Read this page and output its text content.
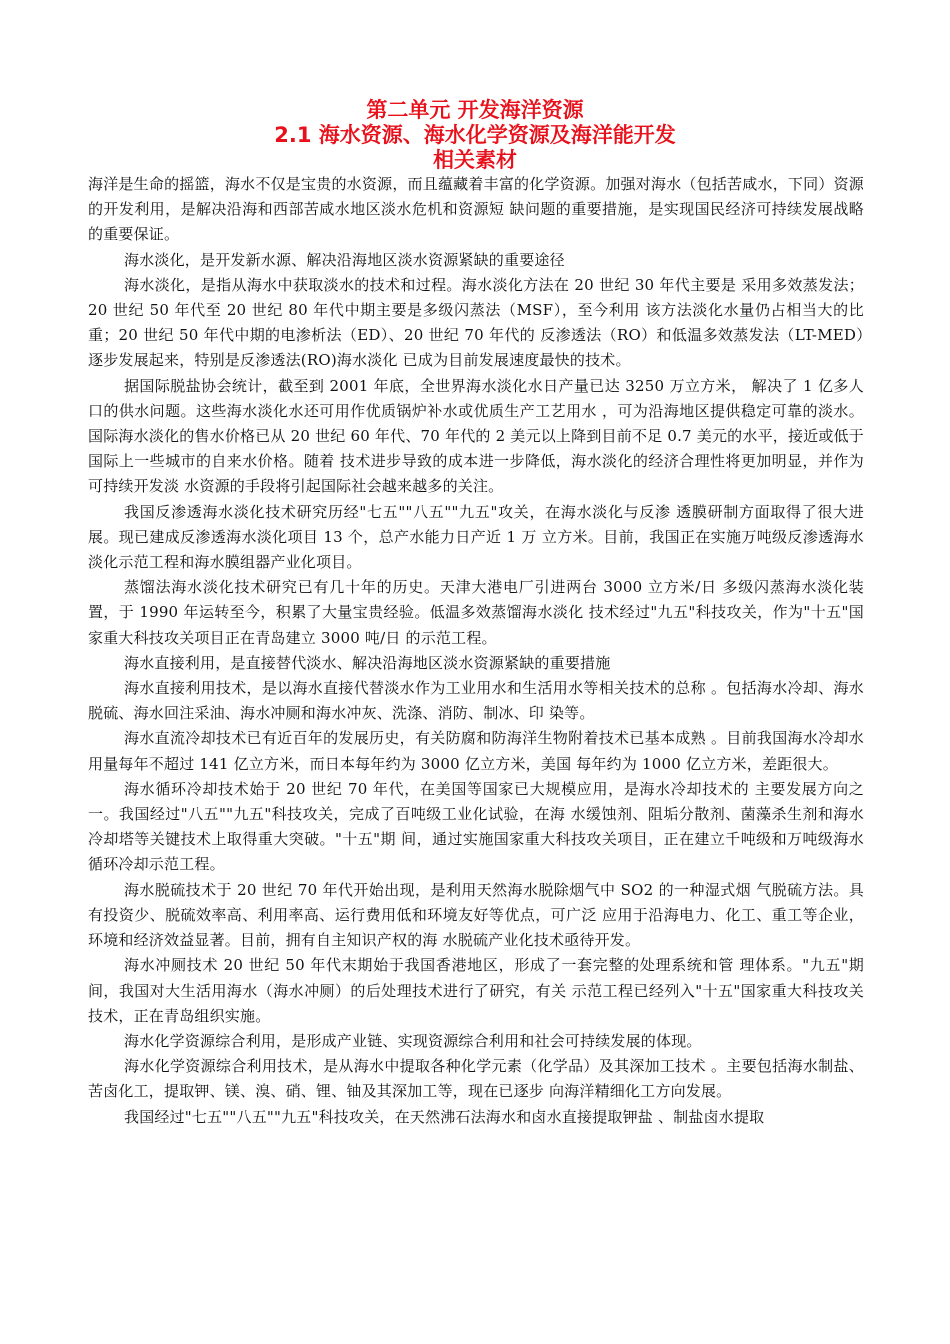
第二单元 开发海洋资源
2.1 海水资源、海水化学资源及海洋能开发
相关素材

海洋是生命的摇篮，海水不仅是宝贵的水资源，而且蕴藏着丰富的化学资源。加强对海水（包括苦咸水，下同）资源的开发利用，是解决沿海和西部苦咸水地区淡水危机和资源短 缺问题的重要措施，是实现国民经济可持续发展战略的重要保证。

海水淡化，是开发新水源、解决沿海地区淡水资源紧缺的重要途径

海水淡化，是指从海水中获取淡水的技术和过程。海水淡化方法在 20 世纪 30 年代主要是 采用多效蒸发法；20 世纪 50 年代至 20 世纪 80 年代中期主要是多级闪蒸法（MSF），至今利用 该方法淡化水量仍占相当大的比重；20 世纪 50 年代中期的电渗析法（ED）、20 世纪 70 年代的 反渗透法（RO）和低温多效蒸发法（LT-MED）逐步发展起来，特别是反渗透法(RO)海水淡化 已成为目前发展速度最快的技术。

据国际脱盐协会统计，截至到 2001 年底，全世界海水淡化水日产量已达 3250 万立方米， 解决了 1 亿多人口的供水问题。这些海水淡化水还可用作优质锅炉补水或优质生产工艺用水 ，可为沿海地区提供稳定可靠的淡水。国际海水淡化的售水价格已从 20 世纪 60 年代、70 年代的 2 美元以上降到目前不足 0.7 美元的水平，接近或低于国际上一些城市的自来水价格。随着 技术进步导致的成本进一步降低，海水淡化的经济合理性将更加明显，并作为可持续开发淡 水资源的手段将引起国际社会越来越多的关注。

我国反渗透海水淡化技术研究历经"七五""八五""九五"攻关，在海水淡化与反渗 透膜研制方面取得了很大进展。现已建成反渗透海水淡化项目 13 个，总产水能力日产近 1 万 立方米。目前，我国正在实施万吨级反渗透海水淡化示范工程和海水膜组器产业化项目。

蒸馏法海水淡化技术研究已有几十年的历史。天津大港电厂引进两台 3000 立方米/日 多级闪蒸海水淡化装置，于 1990 年运转至今，积累了大量宝贵经验。低温多效蒸馏海水淡化 技术经过"九五"科技攻关，作为"十五"国家重大科技攻关项目正在青岛建立 3000 吨/日 的示范工程。

海水直接利用，是直接替代淡水、解决沿海地区淡水资源紧缺的重要措施

海水直接利用技术，是以海水直接代替淡水作为工业用水和生活用水等相关技术的总称 。包括海水冷却、海水脱硫、海水回注采油、海水冲厕和海水冲灰、洗涤、消防、制冰、印 染等。

海水直流冷却技术已有近百年的发展历史，有关防腐和防海洋生物附着技术已基本成熟 。目前我国海水冷却水用量每年不超过 141 亿立方米，而日本每年约为 3000 亿立方米，美国 每年约为 1000 亿立方米，差距很大。

海水循环冷却技术始于 20 世纪 70 年代，在美国等国家已大规模应用，是海水冷却技术的 主要发展方向之一。我国经过"八五""九五"科技攻关，完成了百吨级工业化试验，在海 水缓蚀剂、阻垢分散剂、菌藻杀生剂和海水冷却塔等关键技术上取得重大突破。"十五"期 间，通过实施国家重大科技攻关项目，正在建立千吨级和万吨级海水循环冷却示范工程。

海水脱硫技术于 20 世纪 70 年代开始出现，是利用天然海水脱除烟气中 SO2 的一种湿式烟 气脱硫方法。具有投资少、脱硫效率高、利用率高、运行费用低和环境友好等优点，可广泛 应用于沿海电力、化工、重工等企业，环境和经济效益显著。目前，拥有自主知识产权的海 水脱硫产业化技术亟待开发。

海水冲厕技术 20 世纪 50 年代末期始于我国香港地区，形成了一套完整的处理系统和管 理体系。"九五"期间，我国对大生活用海水（海水冲厕）的后处理技术进行了研究，有关 示范工程已经列入"十五"国家重大科技攻关技术，正在青岛组织实施。

海水化学资源综合利用，是形成产业链、实现资源综合利用和社会可持续发展的体现。

海水化学资源综合利用技术，是从海水中提取各种化学元素（化学品）及其深加工技术 。主要包括海水制盐、苦卤化工，提取钾、镁、溴、硝、锂、铀及其深加工等，现在已逐步 向海洋精细化工方向发展。

我国经过"七五""八五""九五"科技攻关，在天然沸石法海水和卤水直接提取钾盐 、制盐卤水提取
